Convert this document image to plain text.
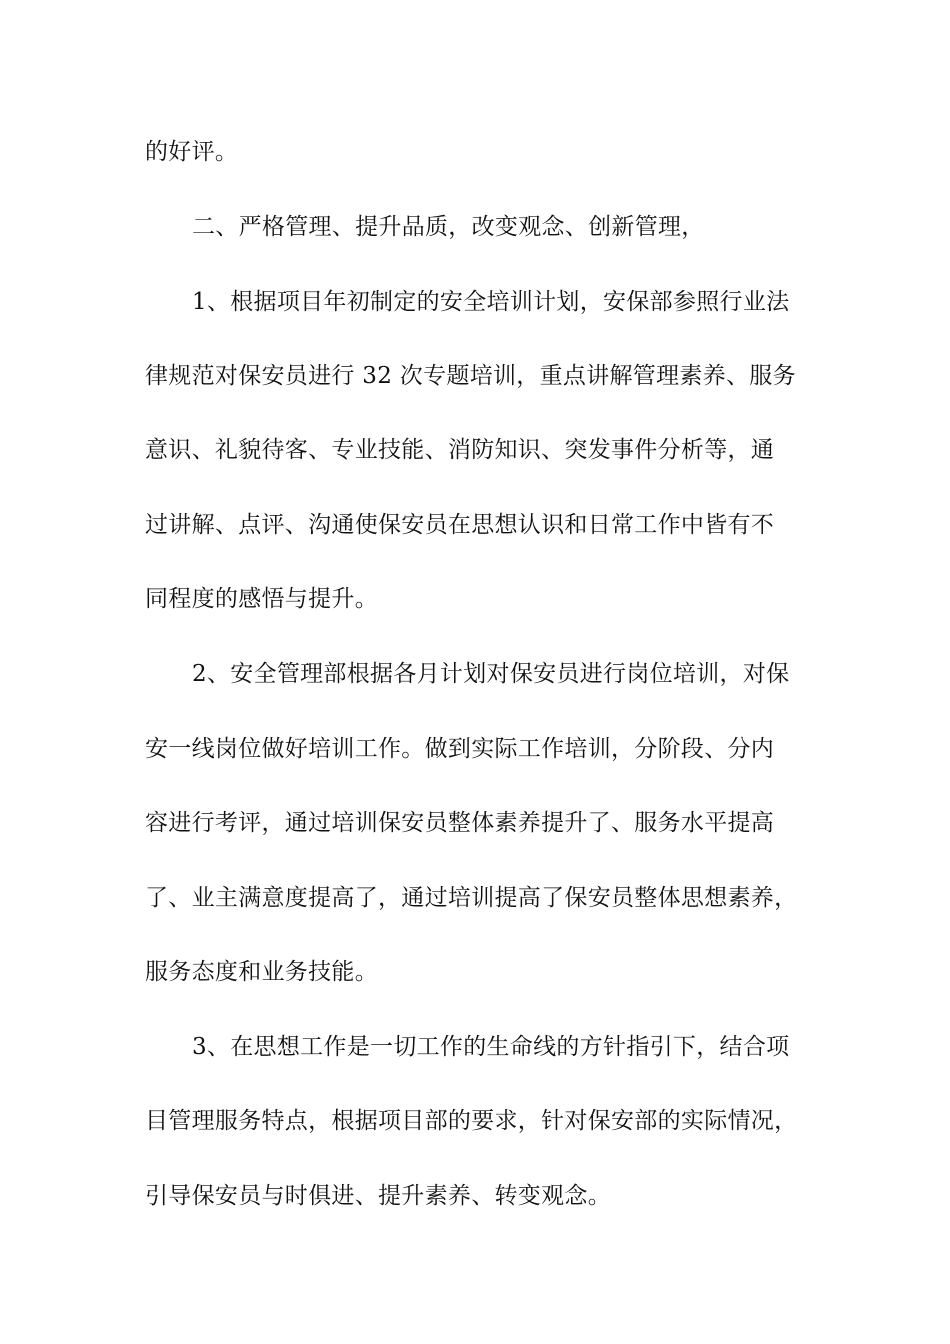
的好评。
二、严格管理、提升品质，改变观念、创新管理，
1、根据项目年初制定的安全培训计划，安保部参照行业法
律规范对保安员进行 32 次专题培训，重点讲解管理素养、服务
意识、礼貌待客、专业技能、消防知识、突发事件分析等，通
过讲解、点评、沟通使保安员在思想认识和日常工作中皆有不
同程度的感悟与提升。
2、安全管理部根据各月计划对保安员进行岗位培训，对保
安一线岗位做好培训工作。做到实际工作培训，分阶段、分内
容进行考评，通过培训保安员整体素养提升了、服务水平提高
了、业主满意度提高了，通过培训提高了保安员整体思想素养，
服务态度和业务技能。
3、在思想工作是一切工作的生命线的方针指引下，结合项
目管理服务特点，根据项目部的要求，针对保安部的实际情况，
引导保安员与时俱进、提升素养、转变观念。
